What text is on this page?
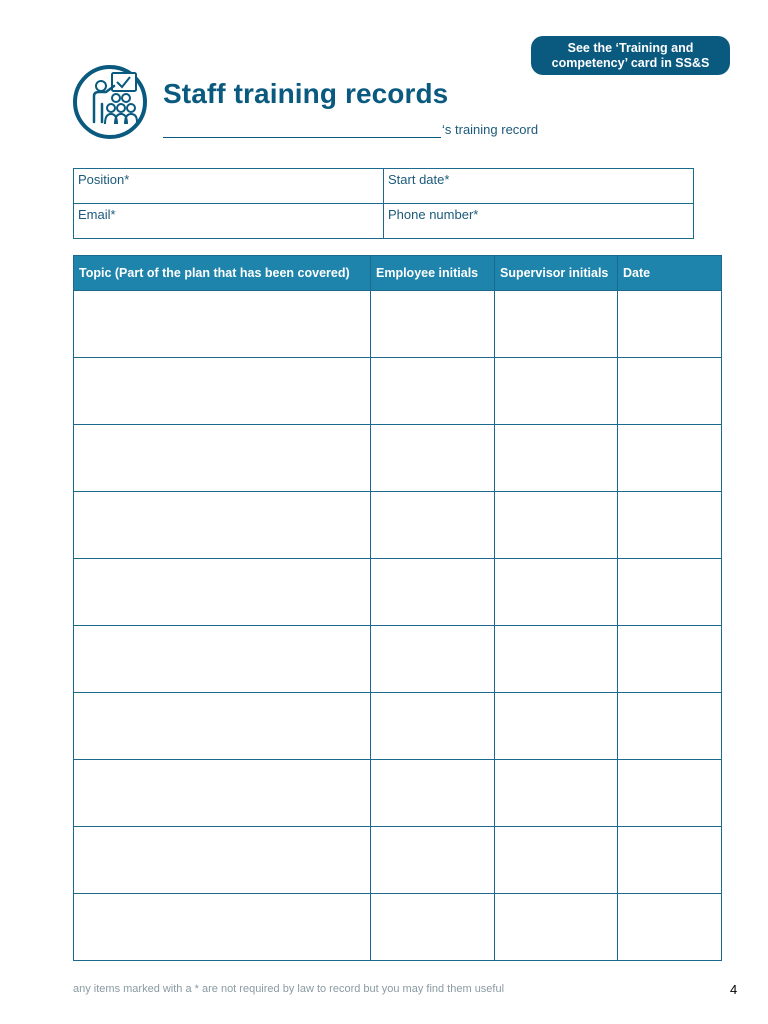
See the ‘Training and
competency’ card in SS&S
Staff training records
‘s training record
Position*	Start date*
Email*	Phone number*
Topic (Part of the plan that has been covered)	Employee initials	Supervisor initials	Date

any items marked with a * are not required by law to record but you may find them useful	4
